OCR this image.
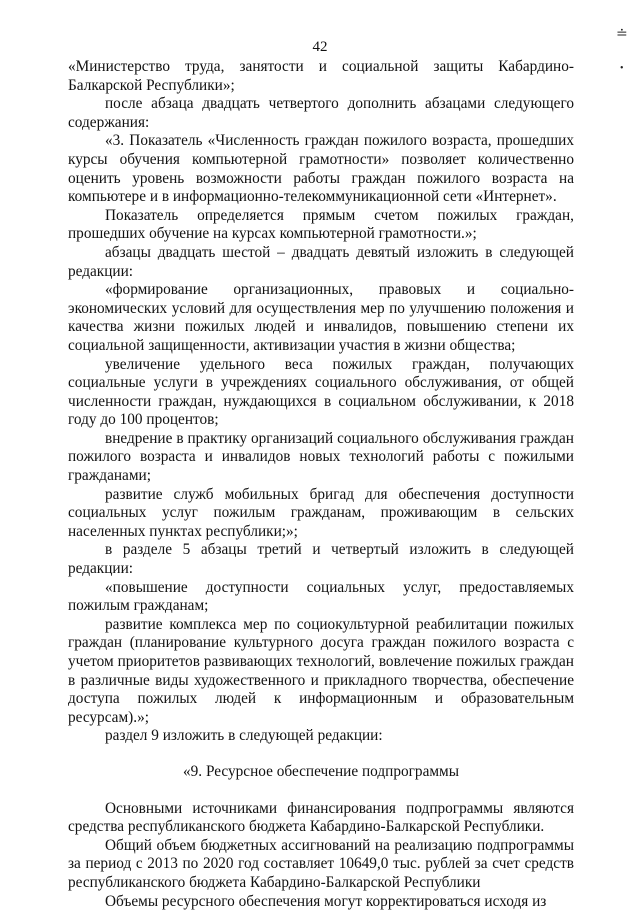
42
≐
•

«Министерство труда, занятости и социальной защиты Кабардино-Балкарской Республики»;

после абзаца двадцать четвертого дополнить абзацами следующего содержания:

«3. Показатель «Численность граждан пожилого возраста, прошедших курсы обучения компьютерной грамотности» позволяет количественно оценить уровень возможности работы граждан пожилого возраста на компьютере и в информационно-телекоммуникационной сети «Интернет».

Показатель определяется прямым счетом пожилых граждан, прошедших обучение на курсах компьютерной грамотности.»;

абзацы двадцать шестой – двадцать девятый изложить в следующей редакции:

«формирование организационных, правовых и социально-экономических условий для осуществления мер по улучшению положения и качества жизни пожилых людей и инвалидов, повышению степени их социальной защищенности, активизации участия в жизни общества;

увеличение удельного веса пожилых граждан, получающих социальные услуги в учреждениях социального обслуживания, от общей численности граждан, нуждающихся в социальном обслуживании, к 2018 году до 100 процентов;

внедрение в практику организаций социального обслуживания граждан пожилого возраста и инвалидов новых технологий работы с пожилыми гражданами;

развитие служб мобильных бригад для обеспечения доступности социальных услуг пожилым гражданам, проживающим в сельских населенных пунктах республики;»;

в разделе 5 абзацы третий и четвертый изложить в следующей редакции:

«повышение доступности социальных услуг, предоставляемых пожилым гражданам;

развитие комплекса мер по социокультурной реабилитации пожилых граждан (планирование культурного досуга граждан пожилого возраста с учетом приоритетов развивающих технологий, вовлечение пожилых граждан в различные виды художественного и прикладного творчества, обеспечение доступа пожилых людей к информационным и образовательным ресурсам).»;

раздел 9 изложить в следующей редакции:

«9. Ресурсное обеспечение подпрограммы

Основными источниками финансирования подпрограммы являются средства республиканского бюджета Кабардино-Балкарской Республики.

Общий объем бюджетных ассигнований на реализацию подпрограммы за период с 2013 по 2020 год составляет 10649,0 тыс. рублей за счет средств республиканского бюджета Кабардино-Балкарской Республики

Объемы ресурсного обеспечения могут корректироваться исходя из
